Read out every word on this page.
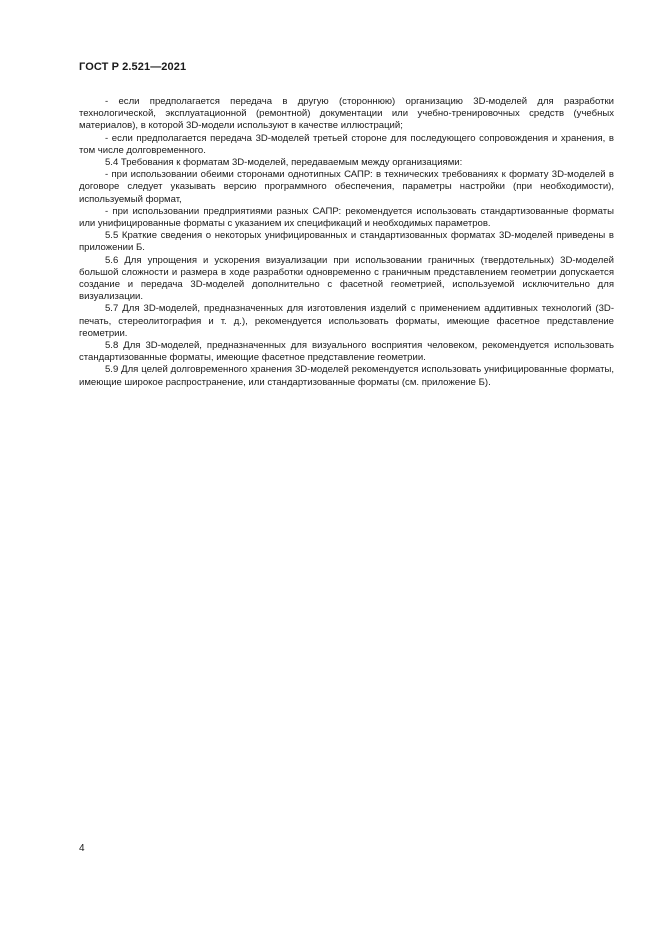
ГОСТ Р 2.521—2021

- если предполагается передача в другую (стороннюю) организацию 3D-моделей для разработки технологической, эксплуатационной (ремонтной) документации или учебно-тренировочных средств (учебных материалов), в которой 3D-модели используют в качестве иллюстраций;

- если предполагается передача 3D-моделей третьей стороне для последующего сопровождения и хранения, в том числе долговременного.

5.4 Требования к форматам 3D-моделей, передаваемым между организациями:

- при использовании обеими сторонами однотипных САПР: в технических требованиях к формату 3D-моделей в договоре следует указывать версию программного обеспечения, параметры настройки (при необходимости), используемый формат,

- при использовании предприятиями разных САПР: рекомендуется использовать стандартизованные форматы или унифицированные форматы с указанием их спецификаций и необходимых параметров.

5.5 Краткие сведения о некоторых унифицированных и стандартизованных форматах 3D-моделей приведены в приложении Б.

5.6 Для упрощения и ускорения визуализации при использовании граничных (твердотельных) 3D-моделей большой сложности и размера в ходе разработки одновременно с граничным представлением геометрии допускается создание и передача 3D-моделей дополнительно с фасетной геометрией, используемой исключительно для визуализации.

5.7 Для 3D-моделей, предназначенных для изготовления изделий с применением аддитивных технологий (3D-печать, стереолитография и т. д.), рекомендуется использовать форматы, имеющие фасетное представление геометрии.

5.8 Для 3D-моделей, предназначенных для визуального восприятия человеком, рекомендуется использовать стандартизованные форматы, имеющие фасетное представление геометрии.

5.9 Для целей долговременного хранения 3D-моделей рекомендуется использовать унифицированные форматы, имеющие широкое распространение, или стандартизованные форматы (см. приложение Б).

4
